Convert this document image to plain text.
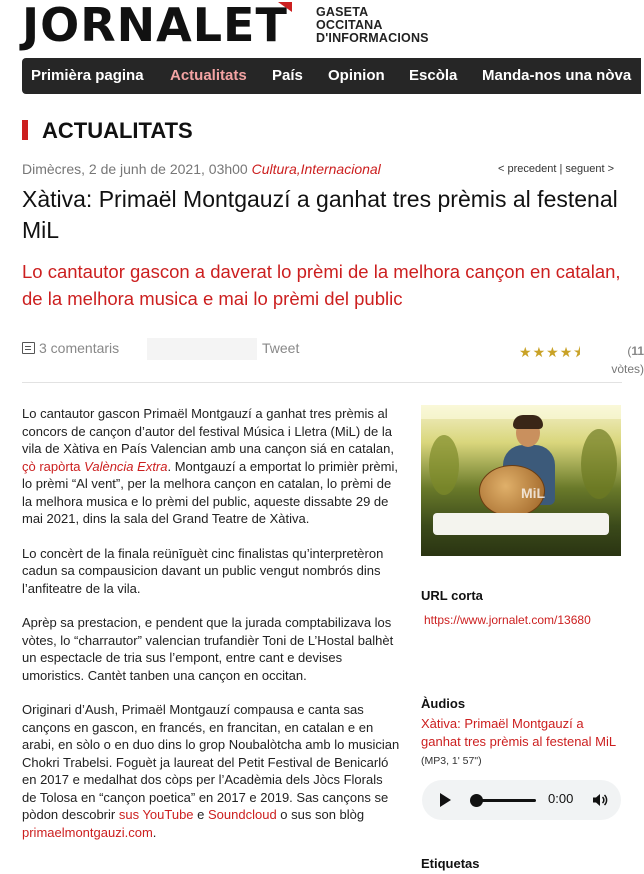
JORNALET GASETA
OCCITANA
D'INFORMACIONS
Primièra pagina Actualitats País Opinion Escòla Manda-nos una nòva
ACTUALITATS
Dimècres, 2 de junh de 2021, 03h00 Cultura,Internacional	< precedent | seguent >
Xàtiva: Primaël Montgauzí a ganhat tres prèmis al festenal MiL
Lo cantautor gascon a daverat lo prèmi de la melhora cançon en catalan, de la melhora musica e mai lo prèmi del public
3 comentaris	Tweet	★★★★⯨	(11
vòtes)

Lo cantautor gascon Primaël Montgauzí a ganhat tres prèmis al concors de cançon d’autor del festival Música i Lletra (MiL) de la vila de Xàtiva en País Valencian amb una cançon siá en catalan, çò rapòrta València Extra. Montgauzí a emportat lo primièr prèmi, lo prèmi “Al vent”, per la melhora cançon en catalan, lo prèmi de la melhora musica e lo prèmi del public, aqueste dissabte 29 de mai 2021, dins la sala del Grand Teatre de Xàtiva.

Lo concèrt de la finala reünīguèt cinc finalistas qu’interpretèron cadun sa compausicion davant un public vengut nombrós dins l’anfiteatre de la vila.

Aprèp sa prestacion, e pendent que la jurada comptabilizava los vòtes, lo “charrautor” valencian trufandièr Toni de L’Hostal balhèt un espectacle de tria sus l’empont, entre cant e devises umoristics. Cantèt tanben una cançon en occitan.

Originari d’Aush, Primaël Montgauzí compausa e canta sas cançons en gascon, en francés, en francitan, en catalan e en arabi, en sòlo o en duo dins lo grop Noubalòtcha amb lo musician Chokri Trabelsi. Foguèt ja laureat del Petit Festival de Benicarló en 2017 e medalhat dos còps per l’Acadèmia dels Jòcs Florals de Tolosa en “cançon poetica” en 2017 e 2019. Sas cançons se pòdon descobrir sus YouTube e Soundcloud o sus son blòg primaelmontgauzi.com.

MiL
URL corta
https://www.jornalet.com/13680
Àudios
Xàtiva: Primaël Montgauzí a ganhat tres prèmis al festenal MiL (MP3, 1' 57")
0:00
Etiquetas
